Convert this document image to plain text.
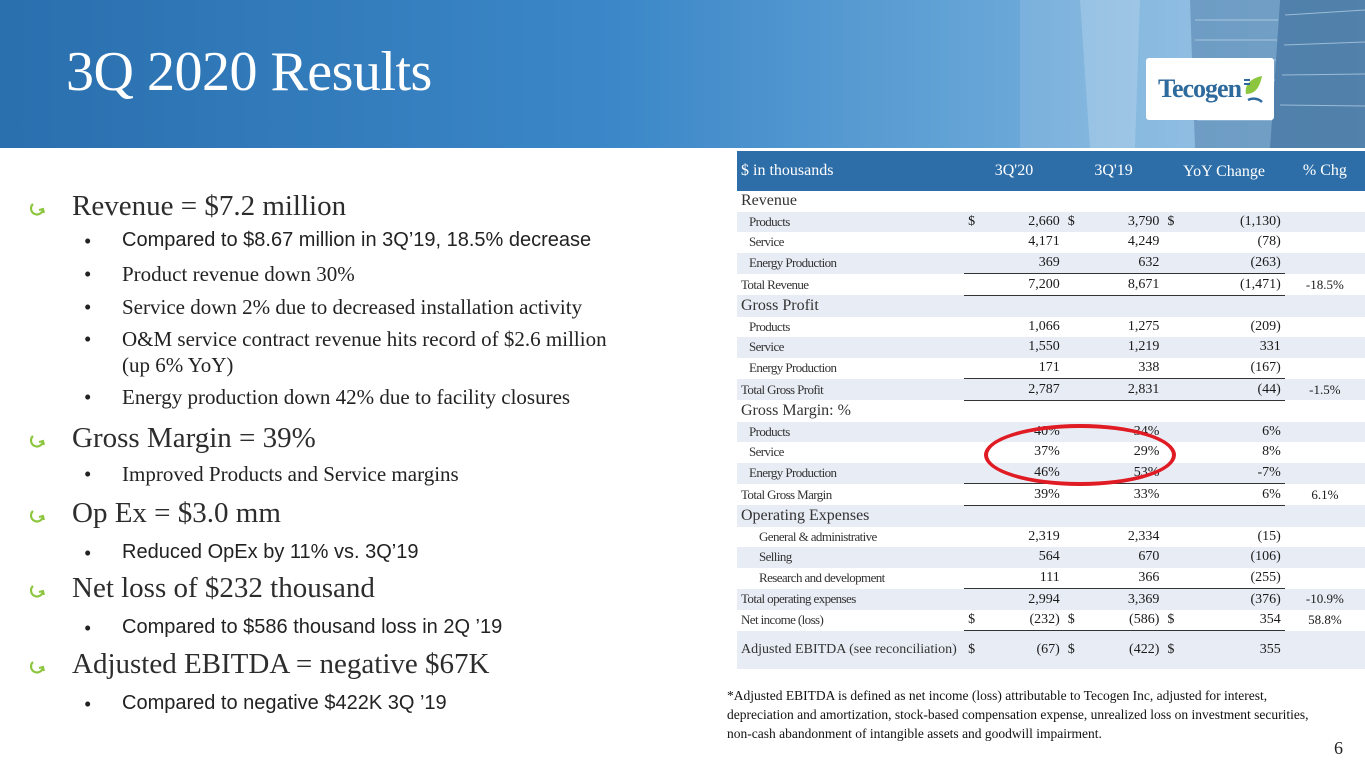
3Q 2020 Results	Tecogen
Revenue = $7.2 million
• Compared to $8.67 million in 3Q’19, 18.5% decrease
• Product revenue down 30%
• Service down 2% due to decreased installation activity
• O&M service contract revenue hits record of $2.6 million
(up 6% YoY)
• Energy production down 42% due to facility closures
Gross Margin = 39%
• Improved Products and Service margins
Op Ex = $3.0 mm
• Reduced OpEx by 11% vs. 3Q’19
Net loss of $232 thousand
• Compared to $586 thousand loss in 2Q ’19
Adjusted EBITDA = negative $67K
• Compared to negative $422K 3Q ’19
$ in thousands	3Q'20	3Q'19	YoY Change	% Chg
Revenue				
Products	$ 2,660	$ 3,790	$ (1,130)	
Service	4,171	4,249	(78)	
Energy Production	369	632	(263)	
Total Revenue	7,200	8,671	(1,471)	-18.5%
Gross Profit				
Products	1,066	1,275	(209)	
Service	1,550	1,219	331	
Energy Production	171	338	(167)	
Total Gross Profit	2,787	2,831	(44)	-1.5%
Gross Margin: %				
Products	40%	34%	6%	
Service	37%	29%	8%	
Energy Production	46%	53%	-7%	
Total Gross Margin	39%	33%	6%	6.1%
Operating Expenses				
General & administrative	2,319	2,334	(15)	
Selling	564	670	(106)	
Research and development	111	366	(255)	
Total operating expenses	2,994	3,369	(376)	-10.9%
Net income (loss)	$ (232)	$ (586)	$ 354	58.8%
Adjusted EBITDA (see reconciliation)	$ (67)	$ (422)	$ 355	
*Adjusted EBITDA is defined as net income (loss) attributable to Tecogen Inc, adjusted for interest, depreciation and amortization, stock-based compensation expense, unrealized loss on investment securities, non-cash abandonment of intangible assets and goodwill impairment.
6
